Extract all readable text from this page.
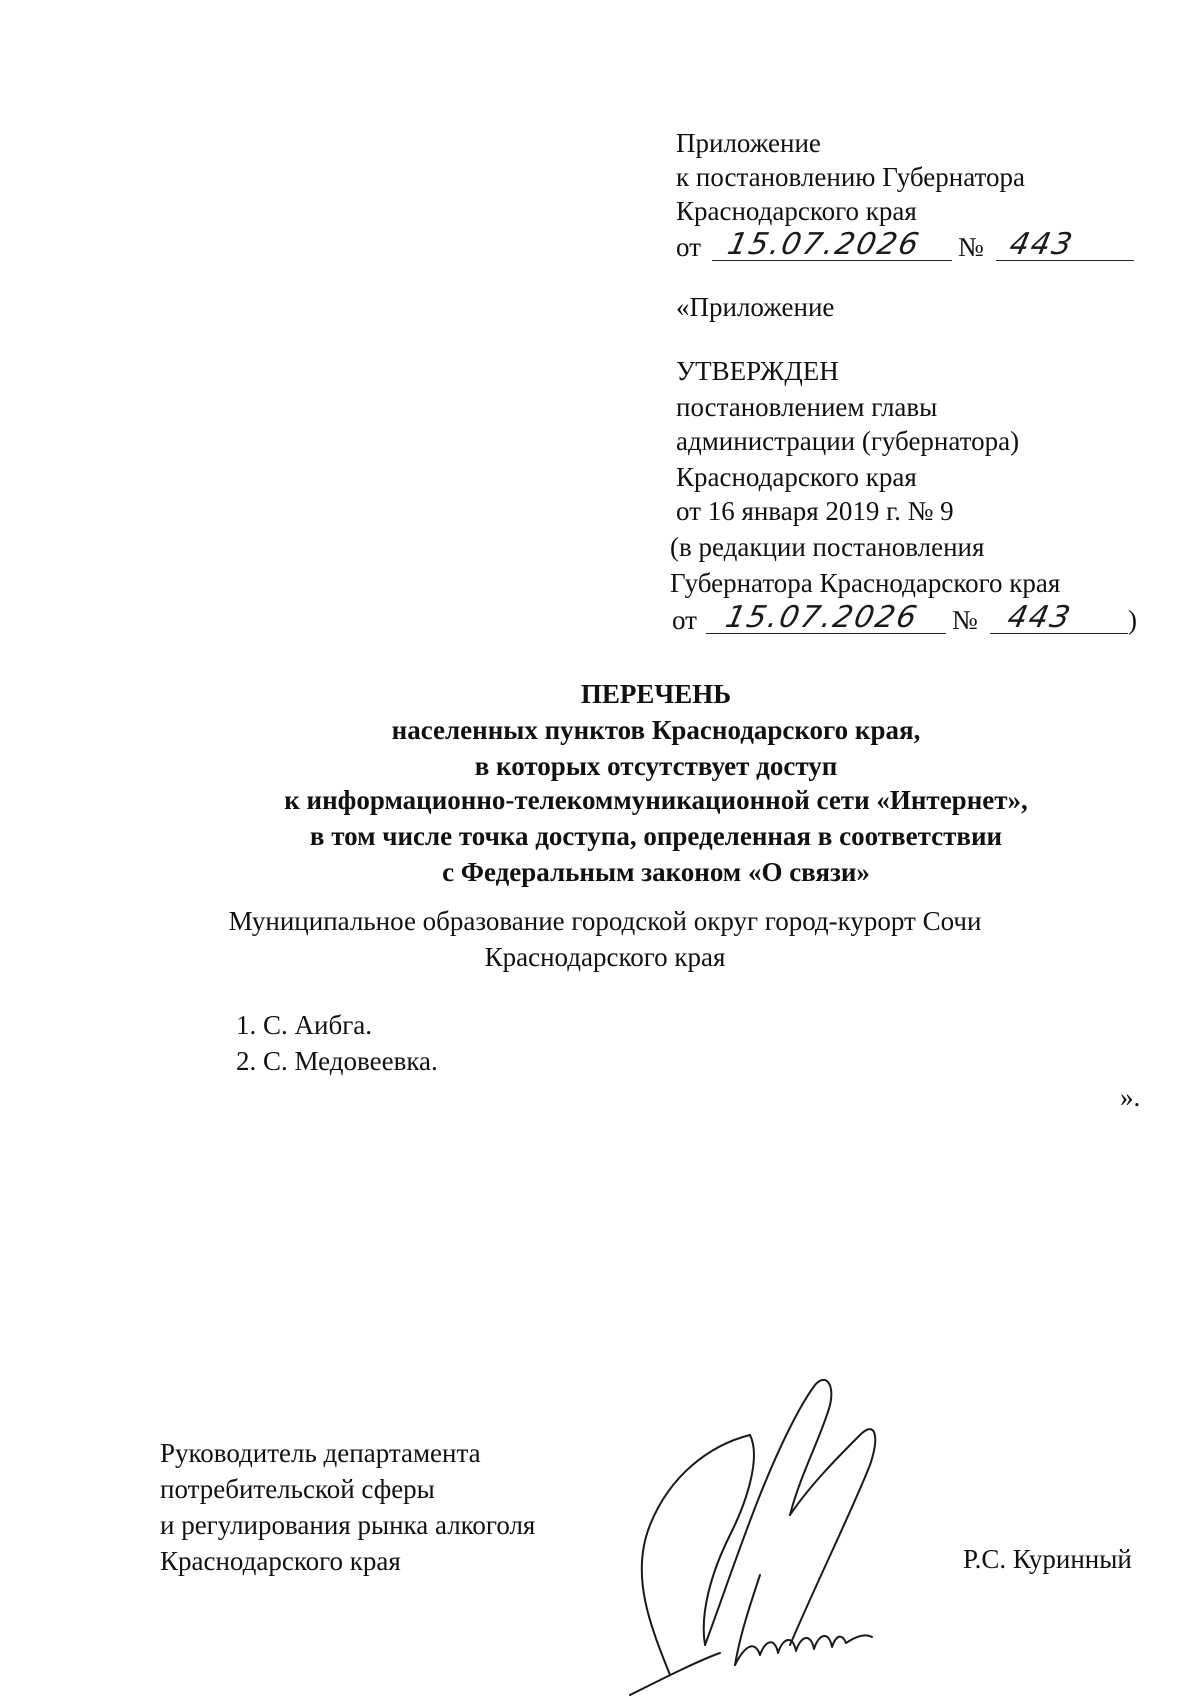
Приложение
к постановлению Губернатора
Краснодарского края
от 15.07.2026 № 443
«Приложение
УТВЕРЖДЕН
постановлением главы
администрации (губернатора)
Краснодарского края
от 16 января 2019 г. № 9
(в редакции постановления
Губернатора Краснодарского края
от 15.07.2026 № 443 )
ПЕРЕЧЕНЬ
населенных пунктов Краснодарского края,
в которых отсутствует доступ
к информационно-телекоммуникационной сети «Интернет»,
в том числе точка доступа, определенная в соответствии
с Федеральным законом «О связи»
Муниципальное образование городской округ город-курорт Сочи
Краснодарского края
1. С. Аибга.
2. С. Медовеевка.
».
Руководитель департамента
потребительской сферы
и регулирования рынка алкоголя
Краснодарского края	Р.С. Куринный
